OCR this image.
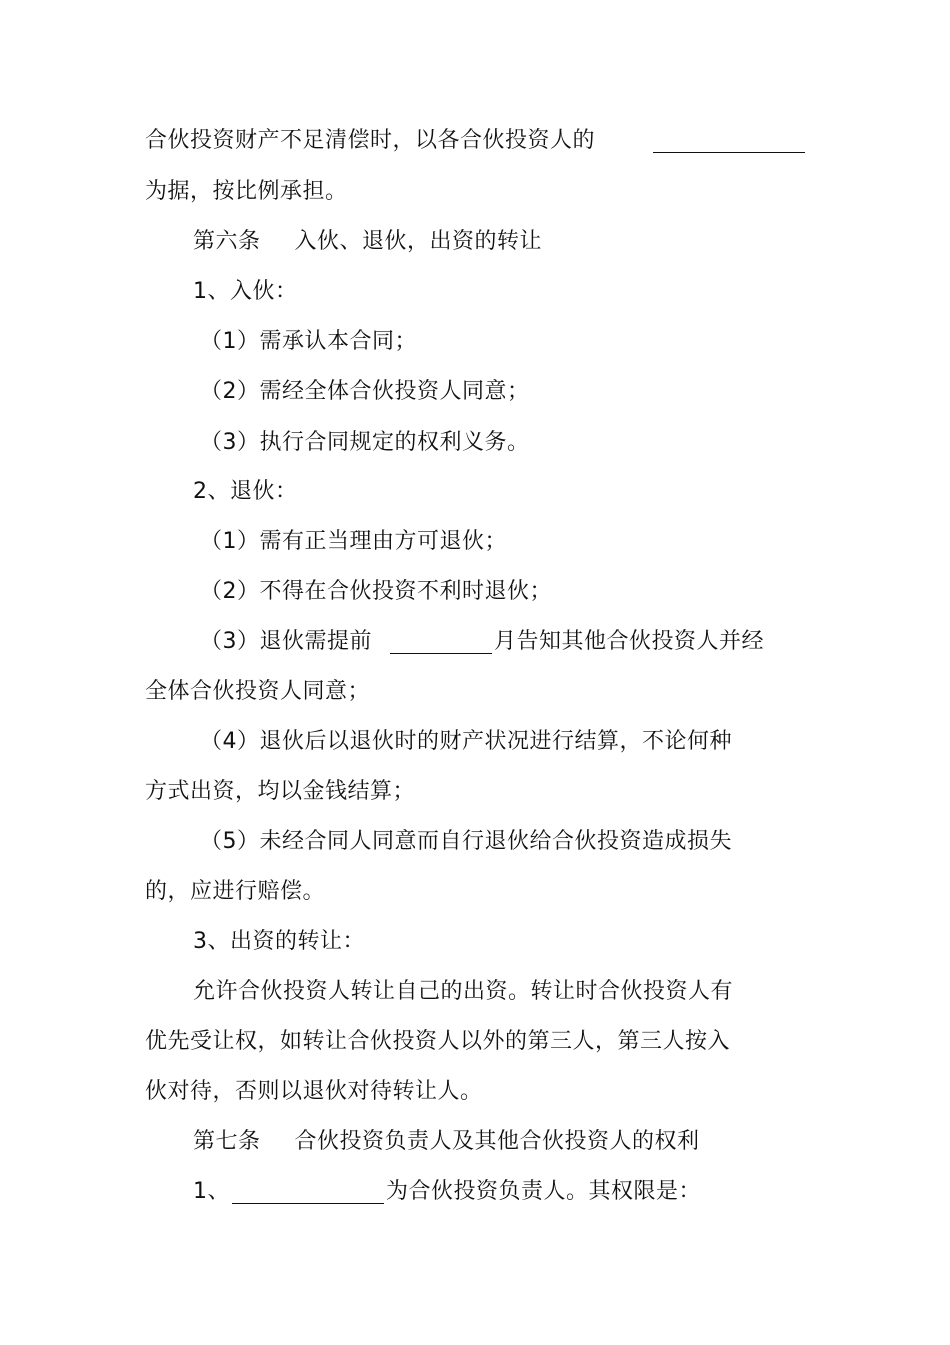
合伙投资财产不足清偿时，以各合伙投资人的
为据，按比例承担。
第六条 入伙、退伙，出资的转让
1、入伙：
（1）需承认本合同；
（2）需经全体合伙投资人同意；
（3）执行合同规定的权利义务。
2、退伙：
（1）需有正当理由方可退伙；
（2）不得在合伙投资不利时退伙；
（3）退伙需提前	月告知其他合伙投资人并经
全体合伙投资人同意；
（4）退伙后以退伙时的财产状况进行结算，不论何种
方式出资，均以金钱结算；
（5）未经合同人同意而自行退伙给合伙投资造成损失
的，应进行赔偿。
3、出资的转让：
允许合伙投资人转让自己的出资。转让时合伙投资人有
优先受让权，如转让合伙投资人以外的第三人，第三人按入
伙对待，否则以退伙对待转让人。
第七条 合伙投资负责人及其他合伙投资人的权利
1、	为合伙投资负责人。其权限是：
